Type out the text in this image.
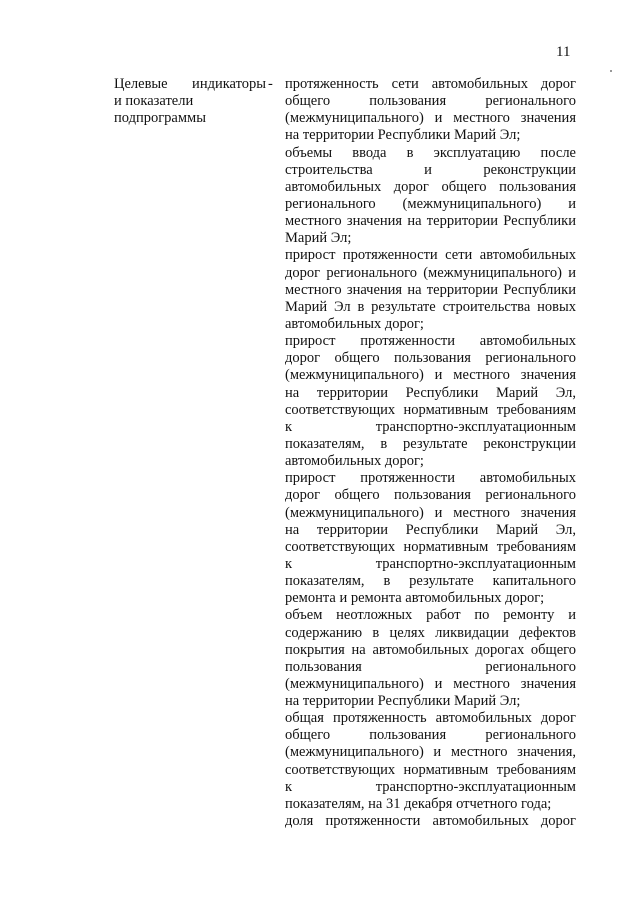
11
Целевые индикаторы
и показатели
подпрограммы
- протяженность сети автомобильных дорог
общего пользования регионального
(межмуниципального) и местного значения
на территории Республики Марий Эл;
объемы ввода в эксплуатацию после
строительства и реконструкции
автомобильных дорог общего пользования
регионального (межмуниципального) и
местного значения на территории Республики
Марий Эл;
прирост протяженности сети автомобильных
дорог регионального (межмуниципального) и
местного значения на территории Республики
Марий Эл в результате строительства новых
автомобильных дорог;
прирост протяженности автомобильных
дорог общего пользования регионального
(межмуниципального) и местного значения
на территории Республики Марий Эл,
соответствующих нормативным требованиям
к транспортно-эксплуатационным
показателям, в результате реконструкции
автомобильных дорог;
прирост протяженности автомобильных
дорог общего пользования регионального
(межмуниципального) и местного значения
на территории Республики Марий Эл,
соответствующих нормативным требованиям
к транспортно-эксплуатационным
показателям, в результате капитального
ремонта и ремонта автомобильных дорог;
объем неотложных работ по ремонту и
содержанию в целях ликвидации дефектов
покрытия на автомобильных дорогах общего
пользования регионального
(межмуниципального) и местного значения
на территории Республики Марий Эл;
общая протяженность автомобильных дорог
общего пользования регионального
(межмуниципального) и местного значения,
соответствующих нормативным требованиям
к транспортно-эксплуатационным
показателям, на 31 декабря отчетного года;
доля протяженности автомобильных дорог
